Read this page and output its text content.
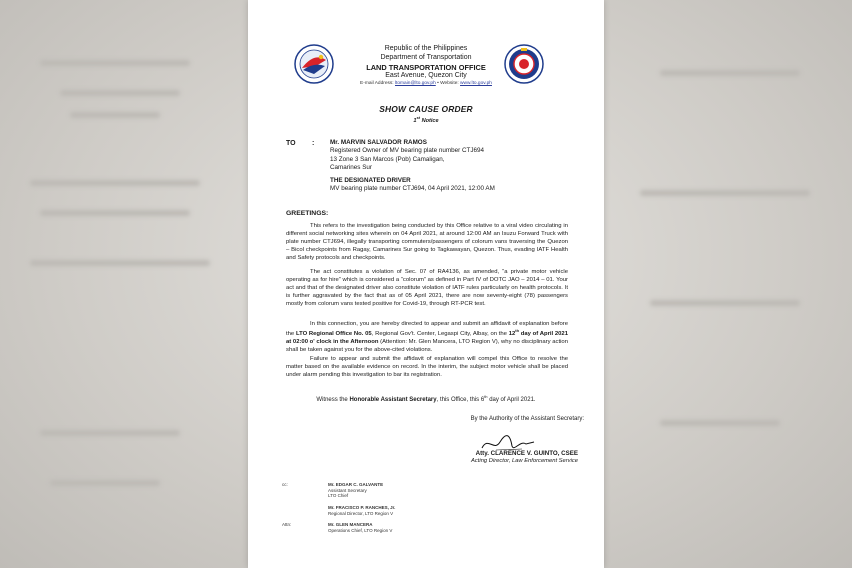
Republic of the Philippines
Department of Transportation
LAND TRANSPORTATION OFFICE
East Avenue, Quezon City
E-mail Address: ltomain@lto.gov.ph • Website: www.lto.gov.ph
SHOW CAUSE ORDER
1st Notice
TO : Mr. MARVIN SALVADOR RAMOS
Registered Owner of MV bearing plate number CTJ694
13 Zone 3 San Marcos (Pob) Camaligan,
Camarines Sur
THE DESIGNATED DRIVER
MV bearing plate number CTJ694, 04 April 2021, 12:00 AM
GREETINGS:
This refers to the investigation being conducted by this Office relative to a viral video circulating in different social networking sites wherein on 04 April 2021, at around 12:00 AM an Isuzu Forward Truck with plate number CTJ694, illegally transporting commuters/passengers of colorum vans traversing the Quezon – Bicol checkpoints from Ragay, Camarines Sur going to Tagkawayan, Quezon. Thus, evading IATF Health and Safety protocols and checkpoints.
The act constitutes a violation of Sec. 07 of RA4136, as amended, “a private motor vehicle operating as for hire” which is considered a “colorum” as defined in Part IV of DOTC JAO – 2014 – 01. Your act and that of the designated driver also constitute violation of IATF rules particularly on health protocols. It is further aggravated by the fact that as of 05 April 2021, there are now seventy-eight (78) passengers mostly from colorum vans tested positive for Covid-19, through RT-PCR test.
In this connection, you are hereby directed to appear and submit an affidavit of explanation before the LTO Regional Office No. 05, Regional Gov't. Center, Legaspi City, Albay, on the 12th day of April 2021 at 02:00 o' clock in the Afternoon (Attention: Mr. Glen Mancera, LTO Region V), why no disciplinary action shall be taken against you for the above-cited violations.
Failure to appear and submit the affidavit of explanation will compel this Office to resolve the matter based on the available evidence on record. In the interim, the subject motor vehicle shall be placed under alarm pending this investigation to bar its registration.
Witness the Honorable Assistant Secretary, this Office, this 6th day of April 2021.
By the Authority of the Assistant Secretary:
Atty. CLARENCE V. GUINTO, CSEE
Acting Director, Law Enforcement Service
cc:	Mr. EDGAR C. GALVANTE
Assistant Secretary
LTO Chief
Mr. FRACISCO P. RANCHES, Jr.
Regional Director, LTO Region V
Attn:	Mr. GLEN MANCERA
Operations Chief, LTO Region V
